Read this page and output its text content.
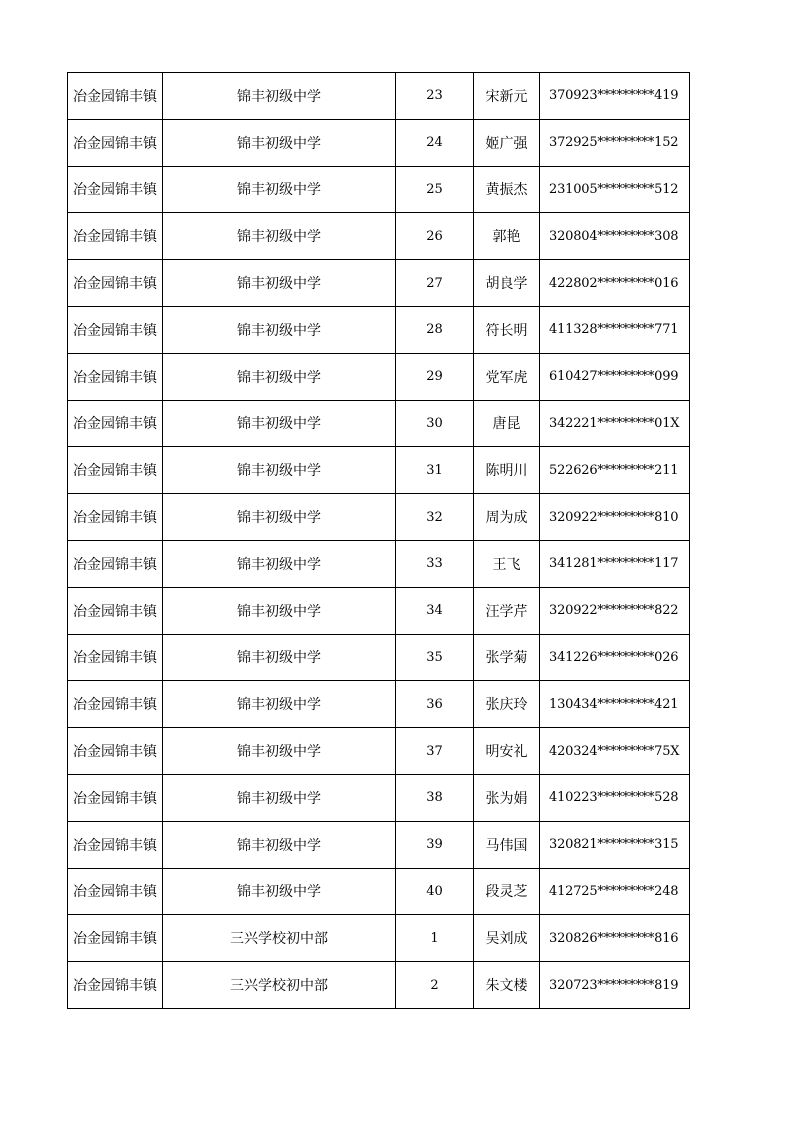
冶金园锦丰镇	锦丰初级中学	23	宋新元	370923*********419
冶金园锦丰镇	锦丰初级中学	24	姬广强	372925*********152
冶金园锦丰镇	锦丰初级中学	25	黄振杰	231005*********512
冶金园锦丰镇	锦丰初级中学	26	郭艳	320804*********308
冶金园锦丰镇	锦丰初级中学	27	胡良学	422802*********016
冶金园锦丰镇	锦丰初级中学	28	符长明	411328*********771
冶金园锦丰镇	锦丰初级中学	29	党军虎	610427*********099
冶金园锦丰镇	锦丰初级中学	30	唐昆	342221*********01X
冶金园锦丰镇	锦丰初级中学	31	陈明川	522626*********211
冶金园锦丰镇	锦丰初级中学	32	周为成	320922*********810
冶金园锦丰镇	锦丰初级中学	33	王飞	341281*********117
冶金园锦丰镇	锦丰初级中学	34	汪学芹	320922*********822
冶金园锦丰镇	锦丰初级中学	35	张学菊	341226*********026
冶金园锦丰镇	锦丰初级中学	36	张庆玲	130434*********421
冶金园锦丰镇	锦丰初级中学	37	明安礼	420324*********75X
冶金园锦丰镇	锦丰初级中学	38	张为娟	410223*********528
冶金园锦丰镇	锦丰初级中学	39	马伟国	320821*********315
冶金园锦丰镇	锦丰初级中学	40	段灵芝	412725*********248
冶金园锦丰镇	三兴学校初中部	1	吴刘成	320826*********816
冶金园锦丰镇	三兴学校初中部	2	朱文楼	320723*********819
